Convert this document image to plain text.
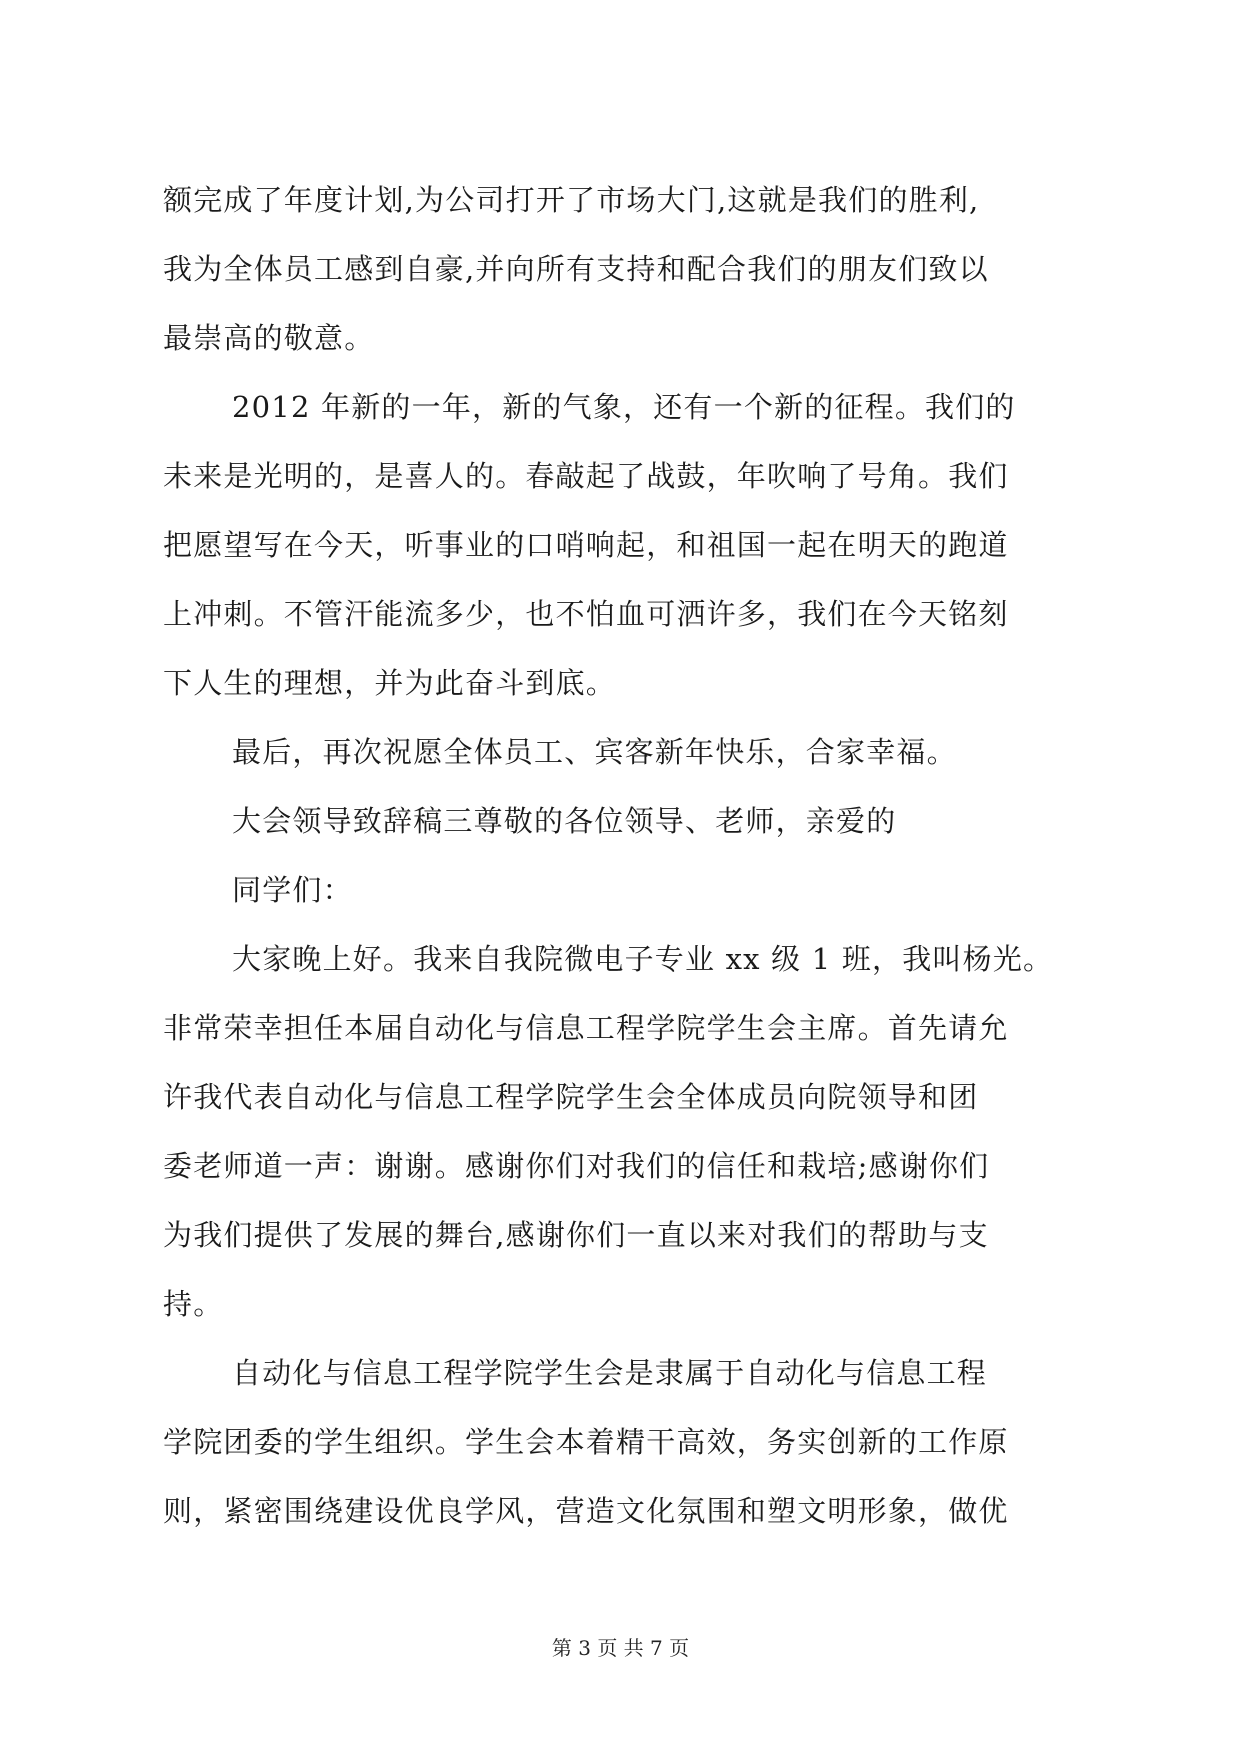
额完成了年度计划,为公司打开了市场大门,这就是我们的胜利,
我为全体员工感到自豪,并向所有支持和配合我们的朋友们致以
最崇高的敬意。
2012 年新的一年，新的气象，还有一个新的征程。我们的
未来是光明的，是喜人的。春敲起了战鼓，年吹响了号角。我们
把愿望写在今天，听事业的口哨响起，和祖国一起在明天的跑道
上冲刺。不管汗能流多少，也不怕血可洒许多，我们在今天铭刻
下人生的理想，并为此奋斗到底。
最后，再次祝愿全体员工、宾客新年快乐，合家幸福。
大会领导致辞稿三尊敬的各位领导、老师，亲爱的
同学们：
大家晚上好。我来自我院微电子专业 xx 级 1 班，我叫杨光。
非常荣幸担任本届自动化与信息工程学院学生会主席。首先请允
许我代表自动化与信息工程学院学生会全体成员向院领导和团
委老师道一声：谢谢。感谢你们对我们的信任和栽培;感谢你们
为我们提供了发展的舞台,感谢你们一直以来对我们的帮助与支
持。
自动化与信息工程学院学生会是隶属于自动化与信息工程
学院团委的学生组织。学生会本着精干高效，务实创新的工作原
则，紧密围绕建设优良学风，营造文化氛围和塑文明形象，做优
第 3 页 共 7 页
